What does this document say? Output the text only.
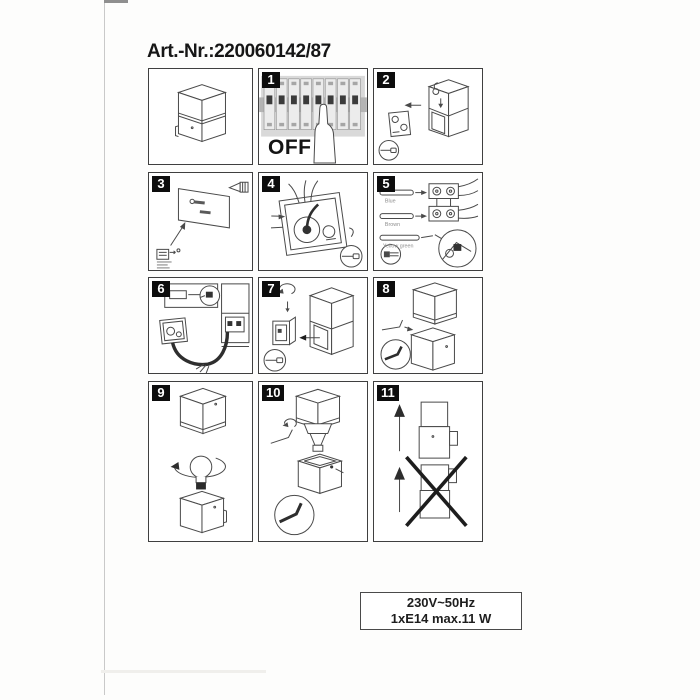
Art.-Nr.:220060142/87
1
OFF
2
3	4	5
Blue
Brown
Yellow green
6	7	8
9	10	11
230V~50Hz
1xE14 max.11 W
